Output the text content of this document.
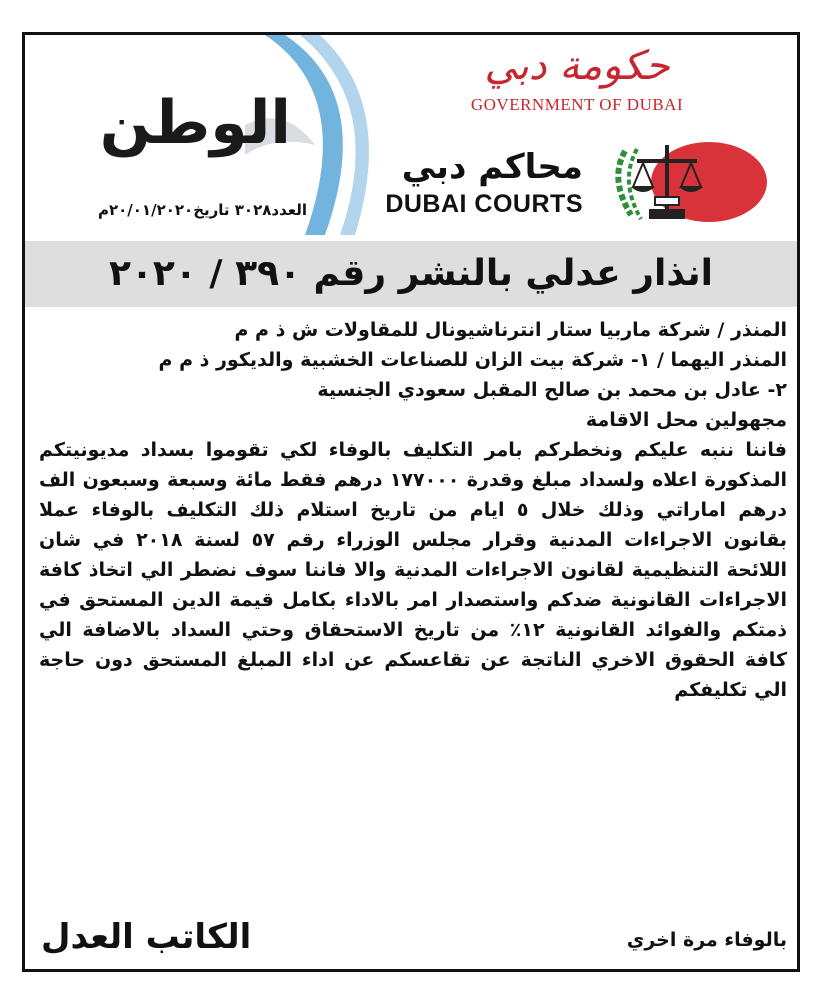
حكومة دبي
GOVERNMENT OF DUBAI
محاكم دبي
DUBAI COURTS
الوطن
العدد٣٠٢٨ تاريخ٢٠/٠١/٢٠٢٠م
انذار عدلي بالنشر رقم ٣٩٠ / ٢٠٢٠
المنذر / شركة ماربيا ستار انترناشيونال للمقاولات ش ذ م م
المنذر اليهما / ١- شركة بيت الزان للصناعات الخشبية والديكور ذ م م
٢- عادل بن محمد بن صالح المقبل سعودي الجنسية
مجهولين محل الاقامة
فاننا ننبه عليكم ونخطركم بامر التكليف بالوفاء لكي تقوموا بسداد مديونيتكم المذكورة اعلاه ولسداد مبلغ وقدرة ١٧٧٠٠٠ درهم فقط مائة وسبعة وسبعون الف درهم اماراتي وذلك خلال ٥ ايام من تاريخ استلام ذلك التكليف بالوفاء عملا بقانون الاجراءات المدنية وقرار مجلس الوزراء رقم ٥٧ لسنة ٢٠١٨ في شان اللائحة التنظيمية لقانون الاجراءات المدنية والا فاننا سوف نضطر الي اتخاذ كافة الاجراءات القانونية ضدكم واستصدار امر بالاداء بكامل قيمة الدين المستحق في ذمتكم والفوائد القانونية ١٢٪ من تاريخ الاستحقاق وحتي السداد بالاضافة الي كافة الحقوق الاخري الناتجة عن تقاعسكم عن اداء المبلغ المستحق دون حاجة الي تكليفكم
بالوفاء مرة اخري
الكاتب العدل
